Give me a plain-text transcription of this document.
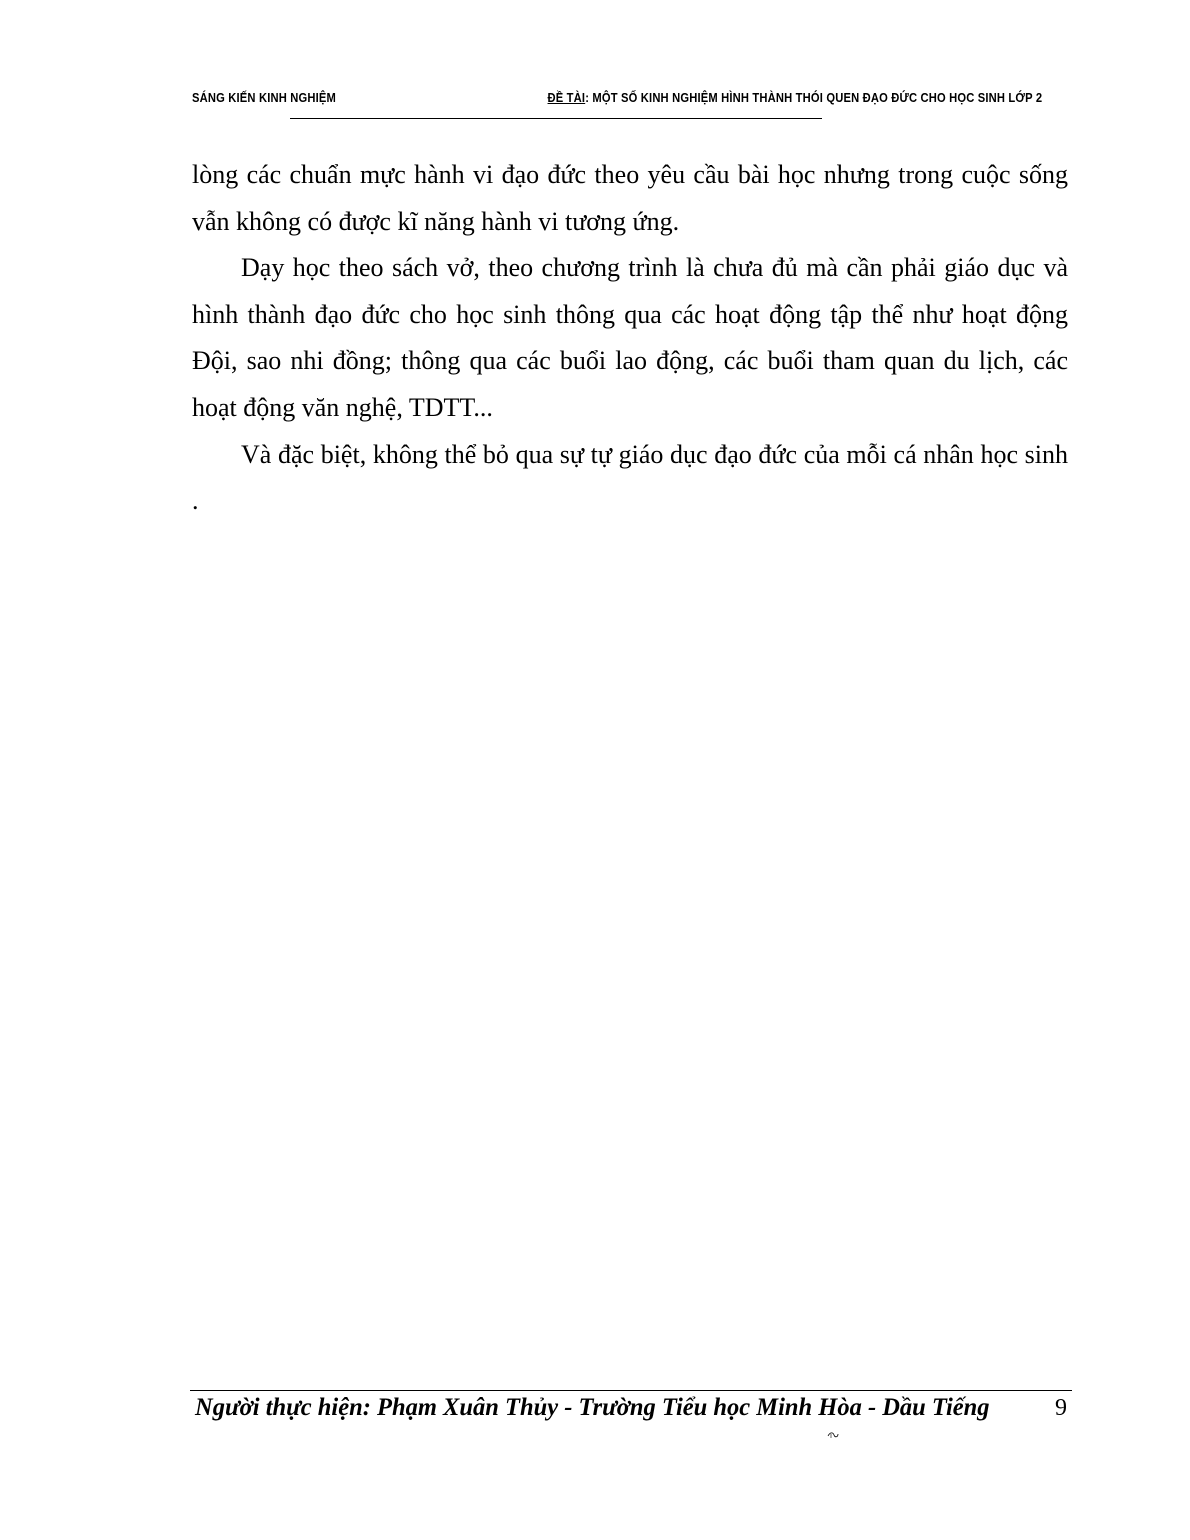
SÁNG KIẾN KINH NGHIỆM	ĐỀ TÀI: MỘT SỐ KINH NGHIỆM HÌNH THÀNH THÓI QUEN ĐẠO ĐỨC CHO HỌC SINH LỚP 2

lòng các chuẩn mực hành vi đạo đức theo yêu cầu bài học nhưng trong cuộc sống vẫn không có được kĩ năng hành vi tương ứng.

Dạy học theo sách vở, theo chương trình là chưa đủ mà cần phải giáo dục và hình thành đạo đức cho học sinh thông qua các hoạt động tập thể như hoạt động Đội, sao nhi đồng; thông qua các buổi lao động, các buổi tham quan du lịch, các hoạt động văn nghệ, TDTT...

Và đặc biệt, không thể bỏ qua sự tự giáo dục đạo đức của mỗi cá nhân học sinh .

Người thực hiện: Phạm Xuân Thủy - Trường Tiểu học Minh Hòa - Dầu Tiếng	9
